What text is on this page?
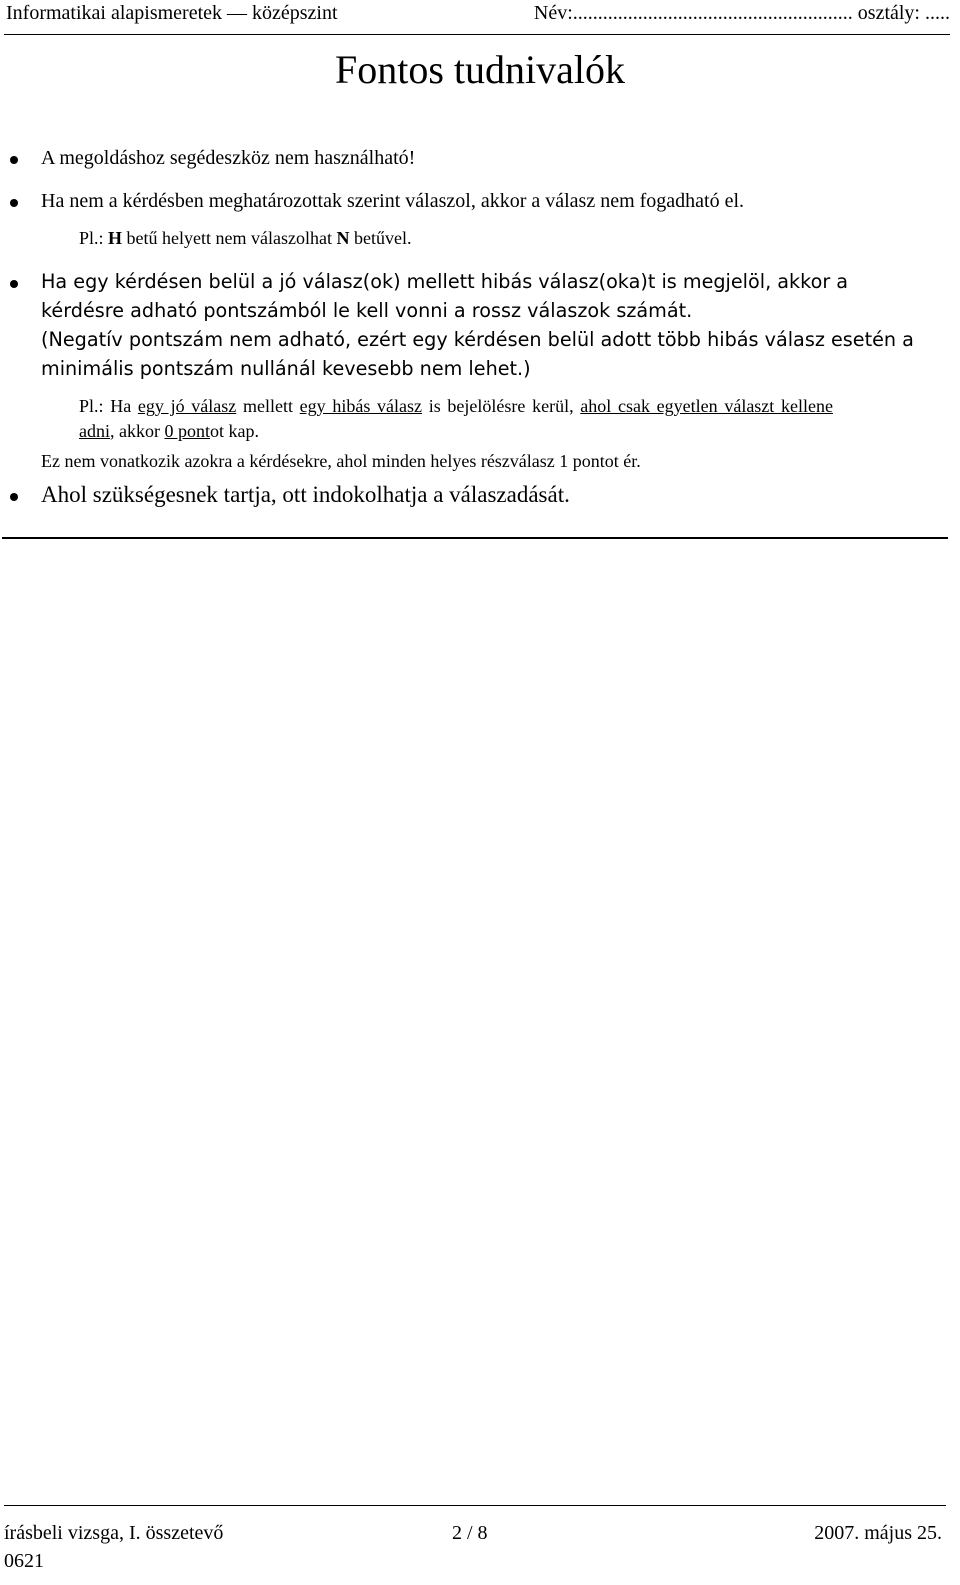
Informatikai alapismeretek — középszint	Név:........................................................ osztály: .....
Fontos tudnivalók
A megoldáshoz segédeszköz nem használható!
Ha nem a kérdésben meghatározottak szerint válaszol, akkor a válasz nem fogadható el.
Pl.: H betű helyett nem válaszolhat N betűvel.
Ha egy kérdésen belül a jó válasz(ok) mellett hibás válasz(oka)t is megjelöl, akkor a
kérdésre adható pontszámból le kell vonni a rossz válaszok számát.
(Negatív pontszám nem adható, ezért egy kérdésen belül adott több hibás válasz esetén a
minimális pontszám nullánál kevesebb nem lehet.)
Pl.: Ha egy jó válasz mellett egy hibás válasz is bejelölésre kerül, ahol csak egyetlen választ kellene
adni, akkor 0 pontot kap.
Ez nem vonatkozik azokra a kérdésekre, ahol minden helyes részválasz 1 pontot ér.
Ahol szükségesnek tartja, ott indokolhatja a válaszadását.
írásbeli vizsga, I. összetevő	2 / 8	2007. május 25.
0621
